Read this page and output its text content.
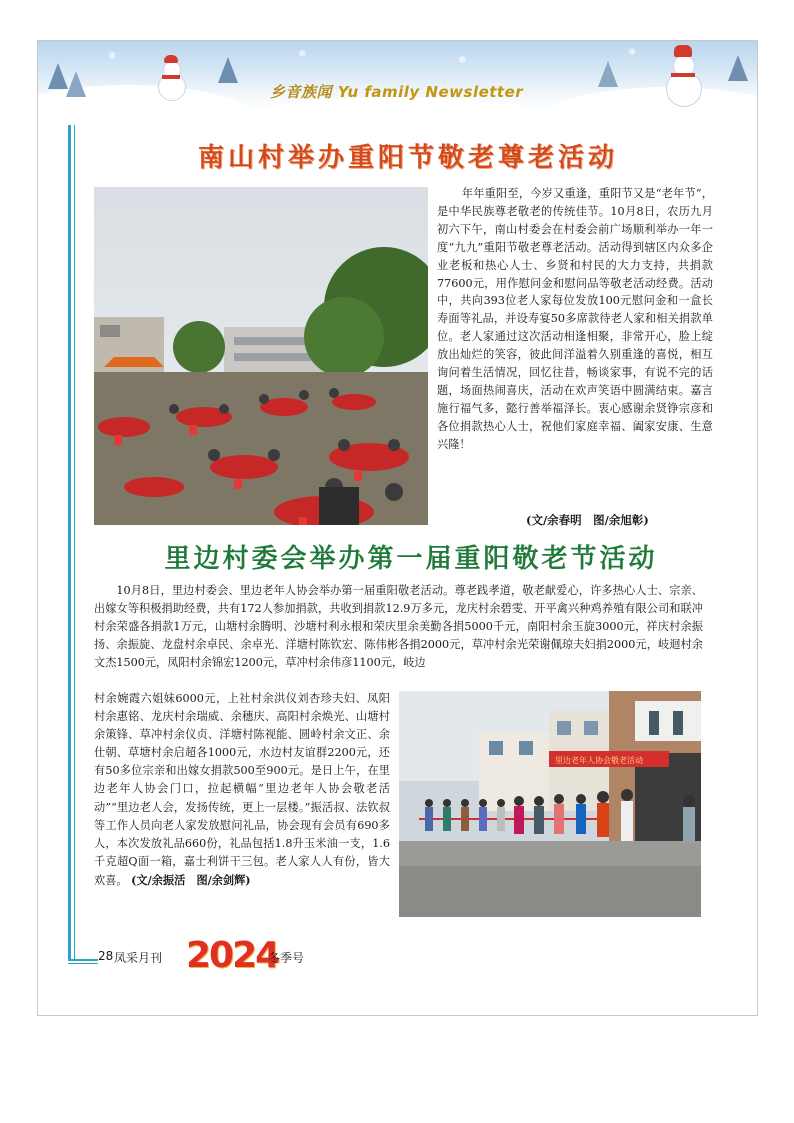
❄	❄
❄
❄
乡音族闻 Yu family Newsletter
南山村举办重阳节敬老尊老活动
年年重阳至，今岁又重逢，重阳节又是“老年节”，是中华民族尊老敬老的传统佳节。10月8日，农历九月初六下午，南山村委会在村委会前广场顺利举办一年一度“九九”重阳节敬老尊老活动。活动得到辖区内众多企业老板和热心人士、乡贤和村民的大力支持，共捐款77600元，用作慰问金和慰问品等敬老活动经费。活动中，共向393位老人家每位发放100元慰问金和一盒长寿面等礼品，并设寿宴50多席款待老人家和相关捐款单位。老人家通过这次活动相逢相聚，非常开心，脸上绽放出灿烂的笑容，彼此间洋溢着久别重逢的喜悦，相互询问着生活情况，回忆往昔，畅谈家事，有说不完的话题，场面热闹喜庆，活动在欢声笑语中圆满结束。嘉言施行福气多，懿行善举福泽长。衷心感谢余贤铮宗彦和各位捐款热心人士，祝他们家庭幸福、阖家安康、生意兴隆！
(文/余春明　图/余旭彰)
里边村委会举办第一届重阳敬老节活动
10月8日，里边村委会、里边老年人协会举办第一届重阳敬老活动。尊老践孝道，敬老献爱心，许多热心人士、宗亲、出嫁女等积极捐助经费，共有172人参加捐款，共收到捐款12.9万多元，龙庆村余碧雯、开平禽兴种鸡养殖有限公司和联冲村余荣盛各捐款1万元，山塘村余腾明、沙塘村利永根和荣庆里余美勤各捐5000千元，南阳村余玉旋3000元，祥庆村余振扬、余振旋、龙盘村余卓民、余卓光、洋塘村陈钦宏、陈伟彬各捐2000元，草冲村余光荣谢佩琼夫妇捐2000元，岐迴村余文杰1500元，凤阳村余锦宏1200元，草冲村余伟彦1100元，岐边
村余婉霞六姐妹6000元，上社村余洪仪刘杏珍夫妇、凤阳村余惠铭、龙庆村余瑞威、余穗庆、高阳村余焕光、山塘村余策锋、草冲村余仪贞、洋塘村陈视能、圆岭村余文正、余仕朝、草塘村余启超各1000元，水边村友谊群2200元，还有50多位宗亲和出嫁女捐款500至900元。是日上午，在里边老年人协会门口，拉起横幅“里边老年人协会敬老活动”“里边老人会，发扬传统，更上一层楼。”振活叔、法钦叔等工作人员向老人家发放慰问礼品，协会现有会员有690多人，本次发放礼品660份，礼品包括1.8升玉米油一支，1.6千克超Q面一箱，嘉士利饼干三包。老人家人人有份，皆大欢喜。 (文/余振活　图/余剑辉)
里边老年人协会敬老活动
28 凤采月刊 2024
冬季号
